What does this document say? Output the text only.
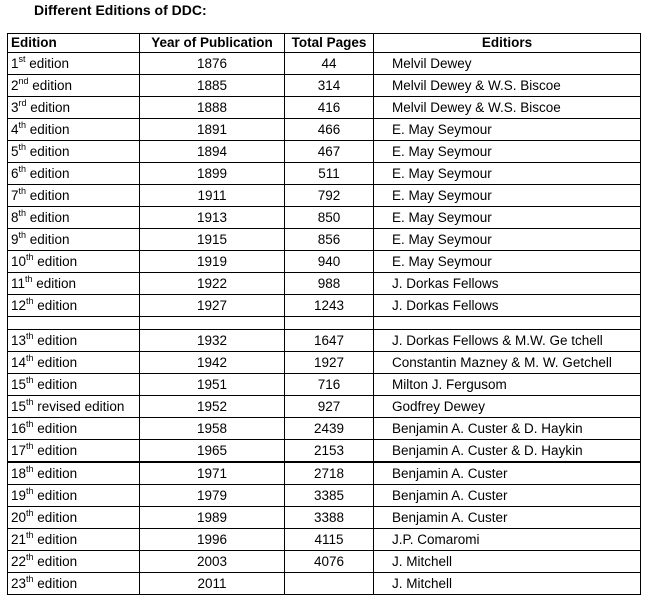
Different Editions of DDC:
Edition	Year of Publication	Total Pages	Editiors
1st edition	1876	44	Melvil Dewey
2nd edition	1885	314	Melvil Dewey & W.S. Biscoe
3rd edition	1888	416	Melvil Dewey & W.S. Biscoe
4th edition	1891	466	E. May Seymour
5th edition	1894	467	E. May Seymour
6th edition	1899	511	E. May Seymour
7th edition	1911	792	E. May Seymour
8th edition	1913	850	E. May Seymour
9th edition	1915	856	E. May Seymour
10th edition	1919	940	E. May Seymour
11th edition	1922	988	J. Dorkas Fellows
12th edition	1927	1243	J. Dorkas Fellows

13th edition	1932	1647	J. Dorkas Fellows & M.W. Ge tchell
14th edition	1942	1927	Constantin Mazney & M. W. Getchell
15th edition	1951	716	Milton J. Fergusom
15th revised edition	1952	927	Godfrey Dewey
16th edition	1958	2439	Benjamin A. Custer & D. Haykin
17th edition	1965	2153	Benjamin A. Custer & D. Haykin
18th edition	1971	2718	Benjamin A. Custer
19th edition	1979	3385	Benjamin A. Custer
20th edition	1989	3388	Benjamin A. Custer
21th edition	1996	4115	J.P. Comaromi
22th edition	2003	4076	J. Mitchell
23th edition	2011		J. Mitchell
